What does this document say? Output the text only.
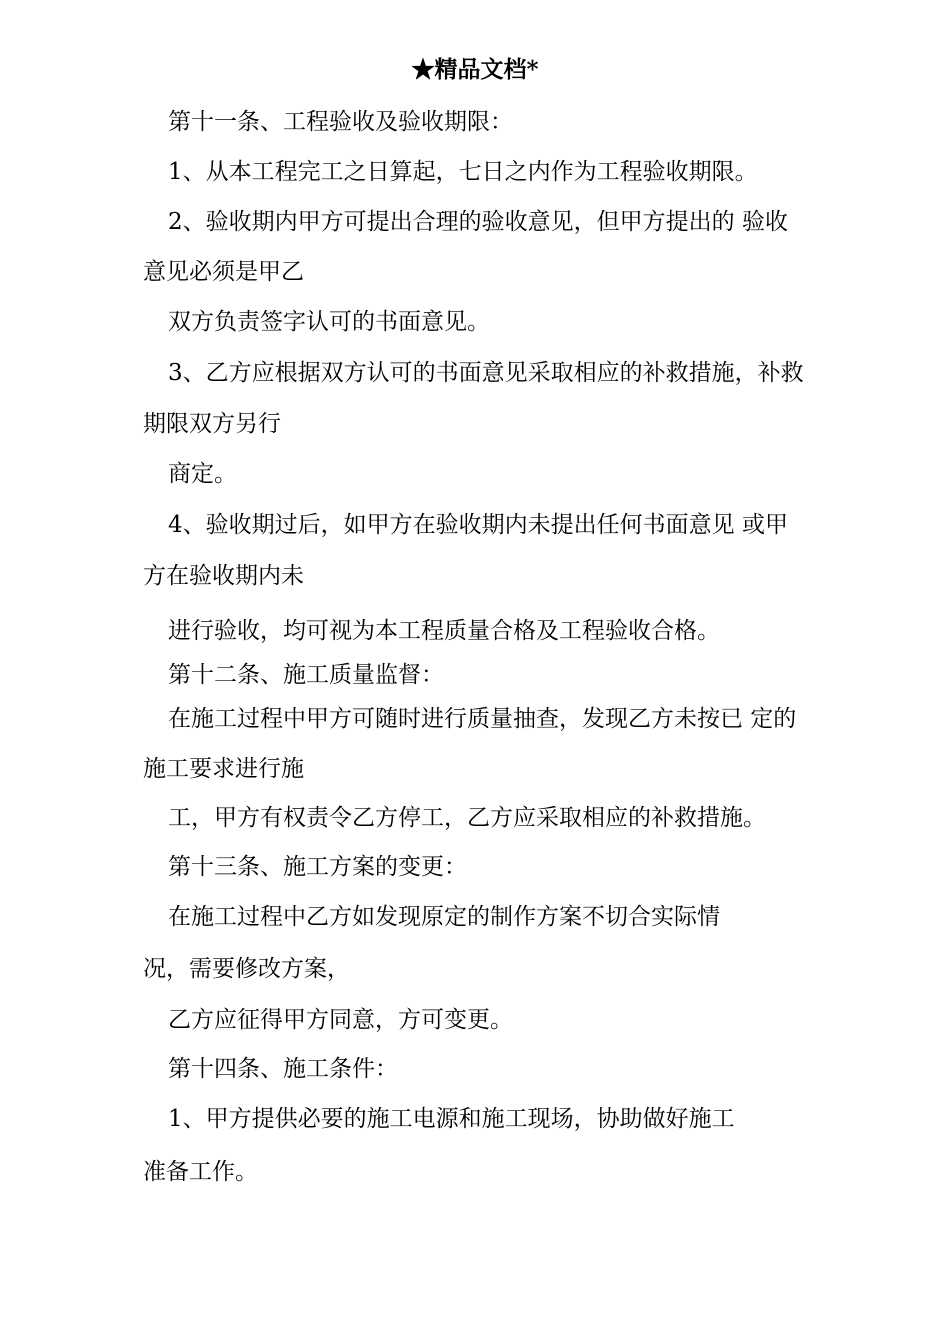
★精品文档*

第十一条、工程验收及验收期限：

1、从本工程完工之日算起，七日之内作为工程验收期限。

2、验收期内甲方可提出合理的验收意见，但甲方提出的 验收

意见必须是甲乙

双方负责签字认可的书面意见。

3、乙方应根据双方认可的书面意见采取相应的补救措施，补救

期限双方另行

商定。

4、验收期过后，如甲方在验收期内未提出任何书面意见 或甲

方在验收期内未

进行验收，均可视为本工程质量合格及工程验收合格。

第十二条、施工质量监督：

在施工过程中甲方可随时进行质量抽查，发现乙方未按已 定的

施工要求进行施

工，甲方有权责令乙方停工，乙方应采取相应的补救措施。

第十三条、施工方案的变更：

在施工过程中乙方如发现原定的制作方案不切合实际情

况，需要修改方案，

乙方应征得甲方同意，方可变更。

第十四条、施工条件：

1、甲方提供必要的施工电源和施工现场，协助做好施工

准备工作。
